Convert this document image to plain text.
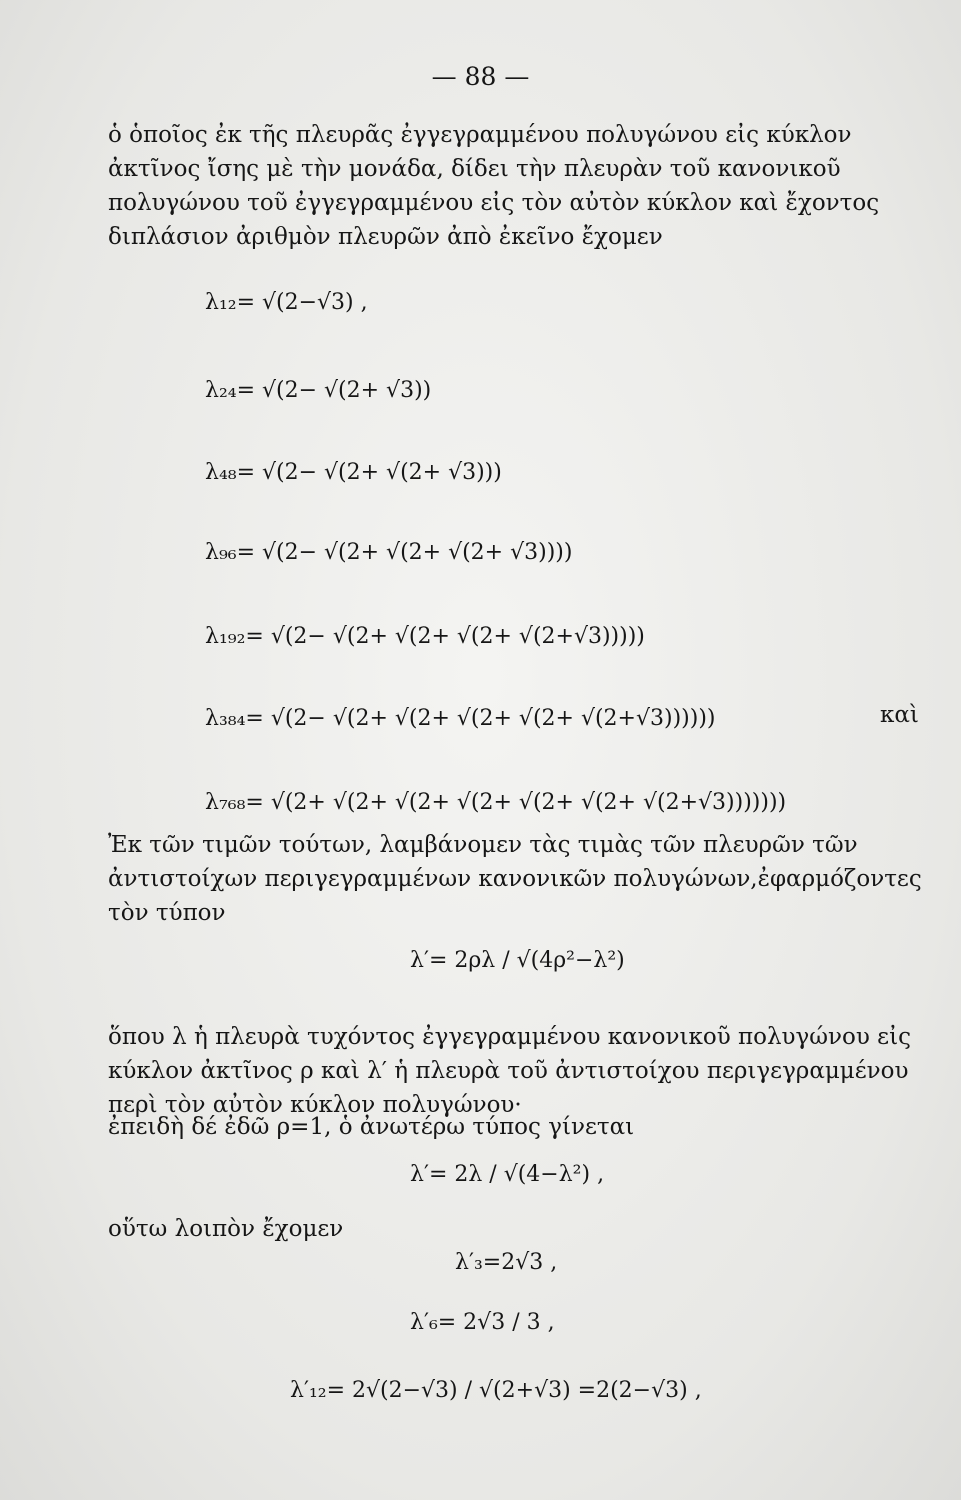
— 88 —
ὁ ὁποῖος ἐκ τῆς πλευρᾶς ἐγγεγραμμένου πολυγώνου εἰς κύκλον ἀκτῖνος ἴσης μὲ τὴν μονάδα, δίδει τὴν πλευρὰν τοῦ κανονικοῦ πολυγώνου τοῦ ἐγγεγραμμένου εἰς τὸν αὐτὸν κύκλον καὶ ἔχοντος διπλάσιον ἀριθμὸν πλευρῶν ἀπὸ ἐκεῖνο ἔχομεν
λ₁₂= √(2−√3) ,
λ₂₄= √(2− √(2+ √3))
λ₄₈= √(2− √(2+ √(2+ √3)))
λ₉₆= √(2− √(2+ √(2+ √(2+ √3))))
λ₁₉₂= √(2− √(2+ √(2+ √(2+ √(2+√3)))))
λ₃₈₄= √(2− √(2+ √(2+ √(2+ √(2+ √(2+√3))))))	καὶ
λ₇₆₈= √(2+ √(2+ √(2+ √(2+ √(2+ √(2+ √(2+√3)))))))
Ἐκ τῶν τιμῶν τούτων, λαμβάνομεν τὰς τιμὰς τῶν πλευρῶν τῶν ἀντιστοίχων περιγεγραμμένων κανονικῶν πολυγώνων,ἐφαρμόζοντες τὸν τύπον
λ′= 2ρλ / √(4ρ²−λ²)
ὅπου λ ἡ πλευρὰ τυχόντος ἐγγεγραμμένου κανονικοῦ πολυγώνου εἰς κύκλον ἀκτῖνος ρ καὶ λ′ ἡ πλευρὰ τοῦ ἀντιστοίχου περιγεγραμμένου περὶ τὸν αὐτὸν κύκλον πολυγώνου·
ἐπειδὴ δέ ἐδῶ ρ=1, ὁ ἀνωτέρω τύπος γίνεται
λ′= 2λ / √(4−λ²) ,
οὕτω λοιπὸν ἔχομεν
λ′₃=2√3 ,
λ′₆= 2√3 / 3 ,
λ′₁₂= 2√(2−√3) / √(2+√3) =2(2−√3) ,
